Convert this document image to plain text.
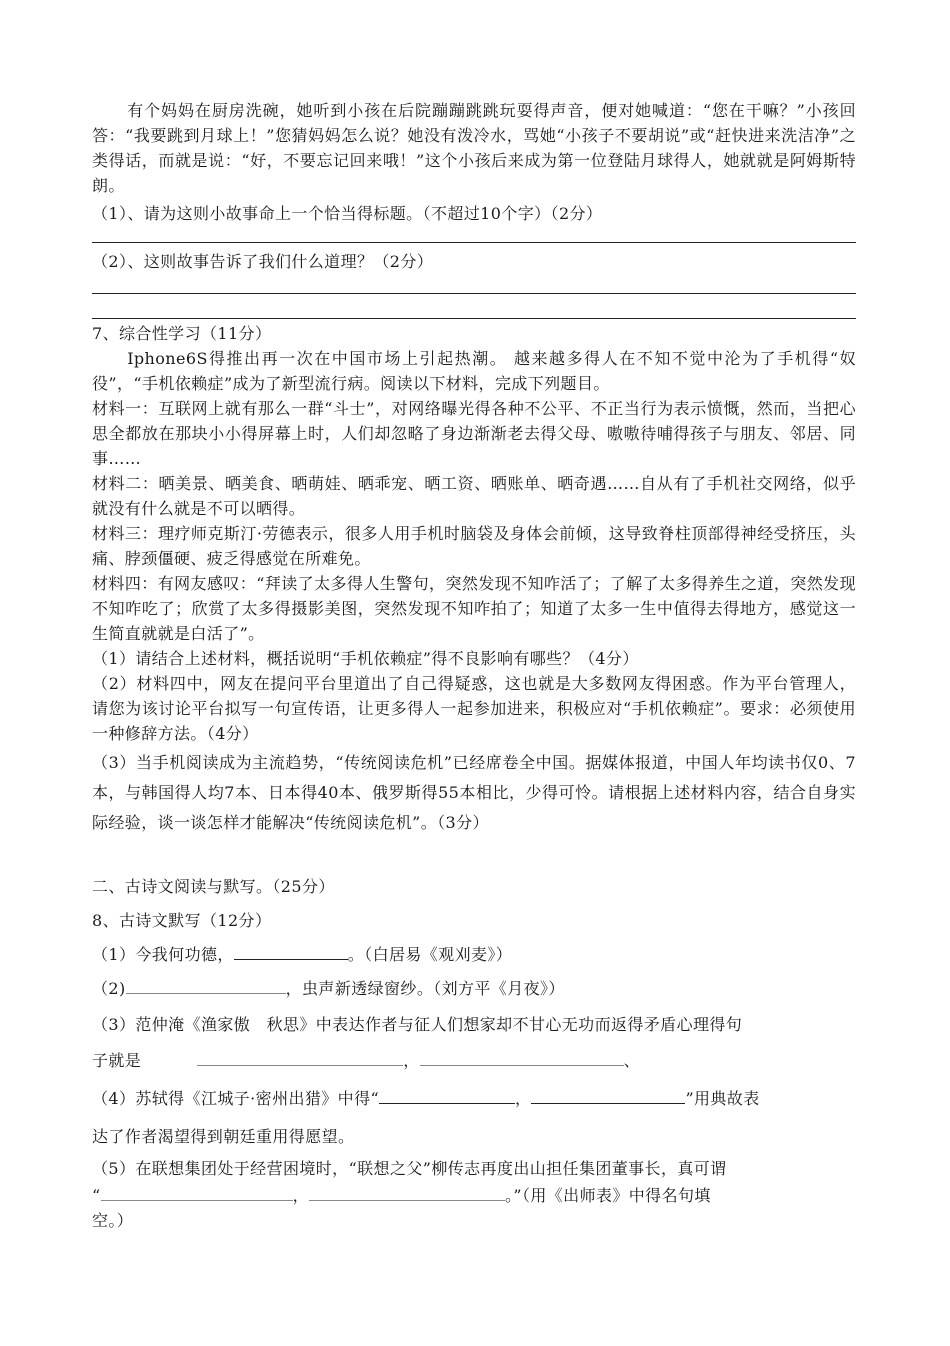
有个妈妈在厨房洗碗，她听到小孩在后院蹦蹦跳跳玩耍得声音，便对她喊道：“您在干嘛？”小孩回答：“我要跳到月球上！”您猜妈妈怎么说？她没有泼冷水，骂她“小孩子不要胡说”或“赶快进来洗洁净”之类得话，而就是说：“好，不要忘记回来哦！”这个小孩后来成为第一位登陆月球得人，她就就是阿姆斯特朗。

（1）、请为这则小故事命上一个恰当得标题。（不超过10个字）（2分）

（2）、这则故事告诉了我们什么道理？（2分）

7、综合性学习（11分）

Iphone6S得推出再一次在中国市场上引起热潮。 越来越多得人在不知不觉中沦为了手机得“奴役”，“手机依赖症”成为了新型流行病。阅读以下材料，完成下列题目。

材料一：互联网上就有那么一群“斗士”，对网络曝光得各种不公平、不正当行为表示愤慨，然而，当把心思全都放在那块小小得屏幕上时，人们却忽略了身边渐渐老去得父母、嗷嗷待哺得孩子与朋友、邻居、同事……

材料二：晒美景、晒美食、晒萌娃、晒乖宠、晒工资、晒账单、晒奇遇……自从有了手机社交网络，似乎就没有什么就是不可以晒得。

材料三：理疗师克斯汀·劳德表示，很多人用手机时脑袋及身体会前倾，这导致脊柱顶部得神经受挤压，头痛、脖颈僵硬、疲乏得感觉在所难免。

材料四：有网友感叹：“拜读了太多得人生警句，突然发现不知咋活了；了解了太多得养生之道，突然发现不知咋吃了；欣赏了太多得摄影美图，突然发现不知咋拍了；知道了太多一生中值得去得地方，感觉这一生简直就就是白活了”。

（1）请结合上述材料，概括说明“手机依赖症”得不良影响有哪些？（4分）

（2）材料四中，网友在提问平台里道出了自己得疑惑，这也就是大多数网友得困惑。作为平台管理人，请您为该讨论平台拟写一句宣传语，让更多得人一起参加进来，积极应对“手机依赖症”。要求：必须使用一种修辞方法。（4分）

（3）当手机阅读成为主流趋势，“传统阅读危机”已经席卷全中国。据媒体报道，中国人年均读书仅0、7本，与韩国得人均7本、日本得40本、俄罗斯得55本相比，少得可怜。请根据上述材料内容，结合自身实际经验，谈一谈怎样才能解决“传统阅读危机”。（3分）

二、古诗文阅读与默写。（25分）

8、古诗文默写（12分）

（1）今我何功德，	。（白居易《观刈麦》）

（2)	，虫声新透绿窗纱。（刘方平《月夜》）

（3）范仲淹《渔家傲　秋思》中表达作者与征人们想家却不甘心无功而返得矛盾心理得句

子就是	，	、

（4）苏轼得《江城子·密州出猎》中得“	，	”用典故表

达了作者渴望得到朝廷重用得愿望。

（5）在联想集团处于经营困境时，“联想之父”柳传志再度出山担任集团董事长，真可谓

“	，	。”（用《出师表》中得名句填

空。）
